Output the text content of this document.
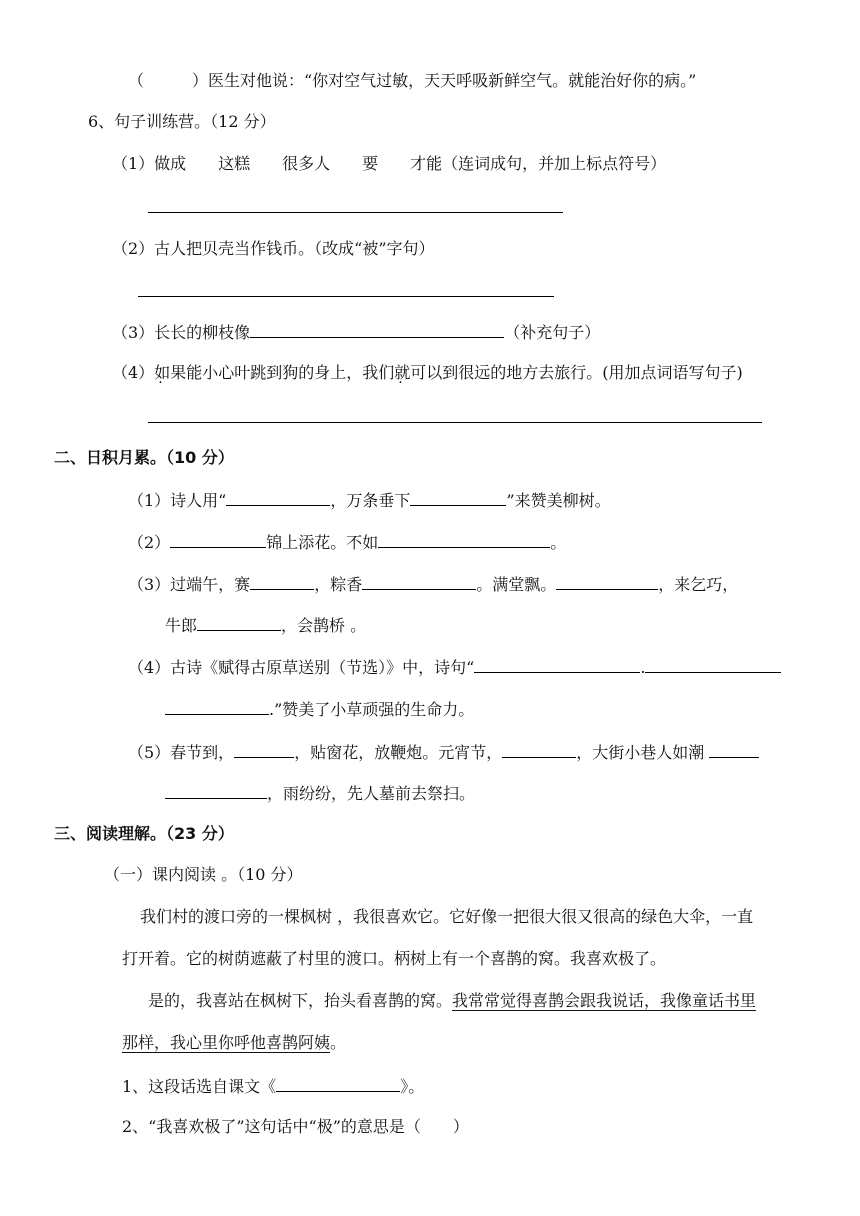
（　　　）医生对他说：“你对空气过敏，天天呼吸新鲜空气。就能治好你的病。”
6、句子训练营。（12 分）
（1）做成　　这糕　　很多人　　要　　才能（连词成句，并加上标点符号）
（2）古人把贝壳当作钱币。（改成“被”字句）
（3）长长的柳枝像	（补充句子）
（4）如果能小心叶跳到狗的身上，我们就可以到很远的地方去旅行。(用加点词语写句子)
二、日积月累。（10 分）
（1）诗人用“	，万条垂下	”来赞美柳树。
（2）	锦上添花。不如	。
（3）过端午，赛	，粽香	。满堂飘。	，来乞巧，
牛郎	，会鹊桥 。
（4）古诗《赋得古原草送别（节选）》中，诗句“	.
.”赞美了小草顽强的生命力。
（5）春节到，	，贴窗花，放鞭炮。元宵节，	，大街小巷人如潮
，雨纷纷，先人墓前去祭扫。
三、阅读理解。（23 分）
（一）课内阅读 。（10 分）
我们村的渡口旁的一棵枫树 ，我很喜欢它。它好像一把很大很又很高的绿色大伞，一直
打开着。它的树荫遮蔽了村里的渡口。柄树上有一个喜鹊的窝。我喜欢极了。
是的，我喜站在枫树下，抬头看喜鹊的窝。我常常觉得喜鹊会跟我说话，我像童话书里
那样，我心里你呼他喜鹊阿姨。
1、这段话选自课文《	》。
2、“我喜欢极了”这句话中“极”的意思是（　　）
